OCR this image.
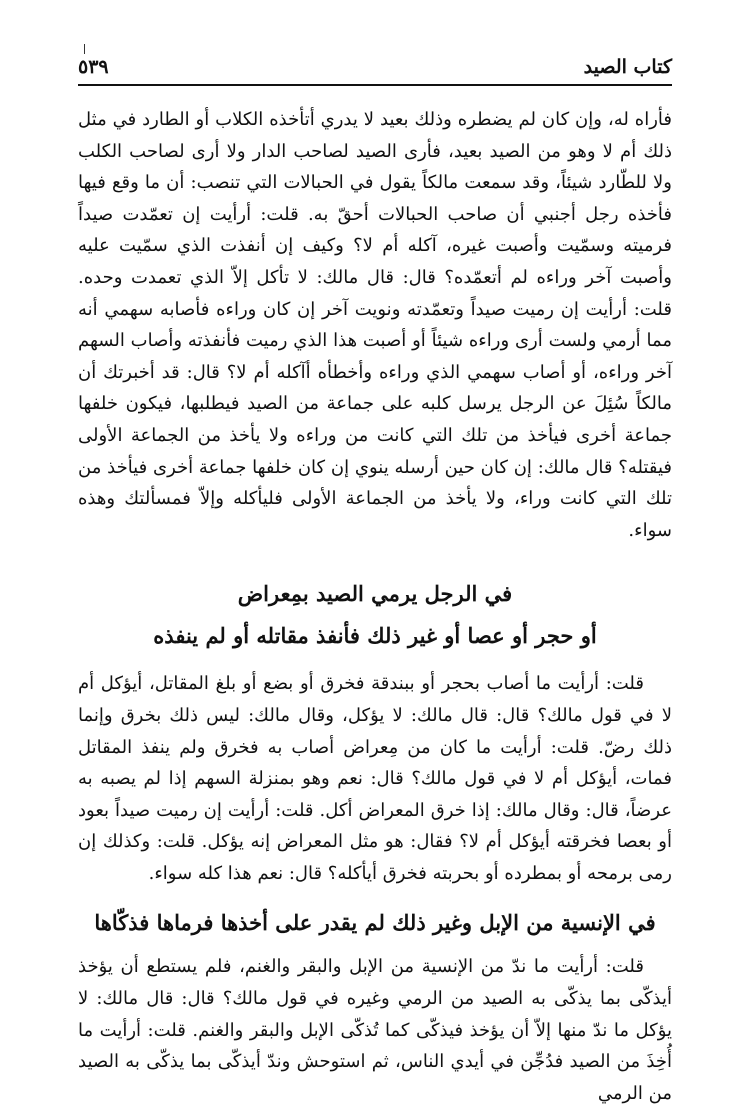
كتاب الصيد
٥٣٩

فأراه له، وإن كان لم يضطره وذلك بعيد لا يدري أتأخذه الكلاب أو الطارد في مثل ذلك أم لا وهو من الصيد بعيد، فأرى الصيد لصاحب الدار ولا أرى لصاحب الكلب ولا للطّارد شيئاً، وقد سمعت مالكاً يقول في الحبالات التي تنصب: أن ما وقع فيها فأخذه رجل أجنبي أن صاحب الحبالات أحقّ به. قلت: أرأيت إن تعمّدت صيداً فرميته وسمّيت وأصبت غيره، آكله أم لا؟ وكيف إن أنفذت الذي سمّيت عليه وأصبت آخر وراءه لم أتعمّده؟ قال: قال مالك: لا تأكل إلاّ الذي تعمدت وحده. قلت: أرأيت إن رميت صيداً وتعمّدته ونويت آخر إن كان وراءه فأصابه سهمي أنه مما أرمي ولست أرى وراءه شيئاً أو أصبت هذا الذي رميت فأنفذته وأصاب السهم آخر وراءه، أو أصاب سهمي الذي وراءه وأخطأه أآكله أم لا؟ قال: قد أخبرتك أن مالكاً سُئِلَ عن الرجل يرسل كلبه على جماعة من الصيد فيطلبها، فيكون خلفها جماعة أخرى فيأخذ من تلك التي كانت من وراءه ولا يأخذ من الجماعة الأولى فيقتله؟ قال مالك: إن كان حين أرسله ينوي إن كان خلفها جماعة أخرى فيأخذ من تلك التي كانت وراء، ولا يأخذ من الجماعة الأولى فليأكله وإلاّ فمسألتك وهذه سواء.

في الرجل يرمي الصيد بمِعراض

أو حجر أو عصا أو غير ذلك فأنفذ مقاتله أو لم ينفذه

قلت: أرأيت ما أصاب بحجر أو ببندقة فخرق أو بضع أو بلغ المقاتل، أيؤكل أم لا في قول مالك؟ قال: قال مالك: لا يؤكل، وقال مالك: ليس ذلك بخرق وإنما ذلك رضّ. قلت: أرأيت ما كان من مِعراض أصاب به فخرق ولم ينفذ المقاتل فمات، أيؤكل أم لا في قول مالك؟ قال: نعم وهو بمنزلة السهم إذا لم يصبه به عرضاً، قال: وقال مالك: إذا خرق المعراض أكل. قلت: أرأيت إن رميت صيداً بعود أو بعصا فخرقته أيؤكل أم لا؟ فقال: هو مثل المعراض إنه يؤكل. قلت: وكذلك إن رمى برمحه أو بمطرده أو بحربته فخرق أيأكله؟ قال: نعم هذا كله سواء.

في الإنسية من الإبل وغير ذلك لم يقدر على أخذها فرماها فذكّاها

قلت: أرأيت ما ندّ من الإنسية من الإبل والبقر والغنم، فلم يستطع أن يؤخذ أيذكّى بما يذكّى به الصيد من الرمي وغيره في قول مالك؟ قال: قال مالك: لا يؤكل ما ندّ منها إلاّ أن يؤخذ فيذكّى كما تُذكّى الإبل والبقر والغنم. قلت: أرأيت ما أُخِذَ من الصيد فدُجِّن في أيدي الناس، ثم استوحش وندّ أيذكّى بما يذكّى به الصيد من الرمي
